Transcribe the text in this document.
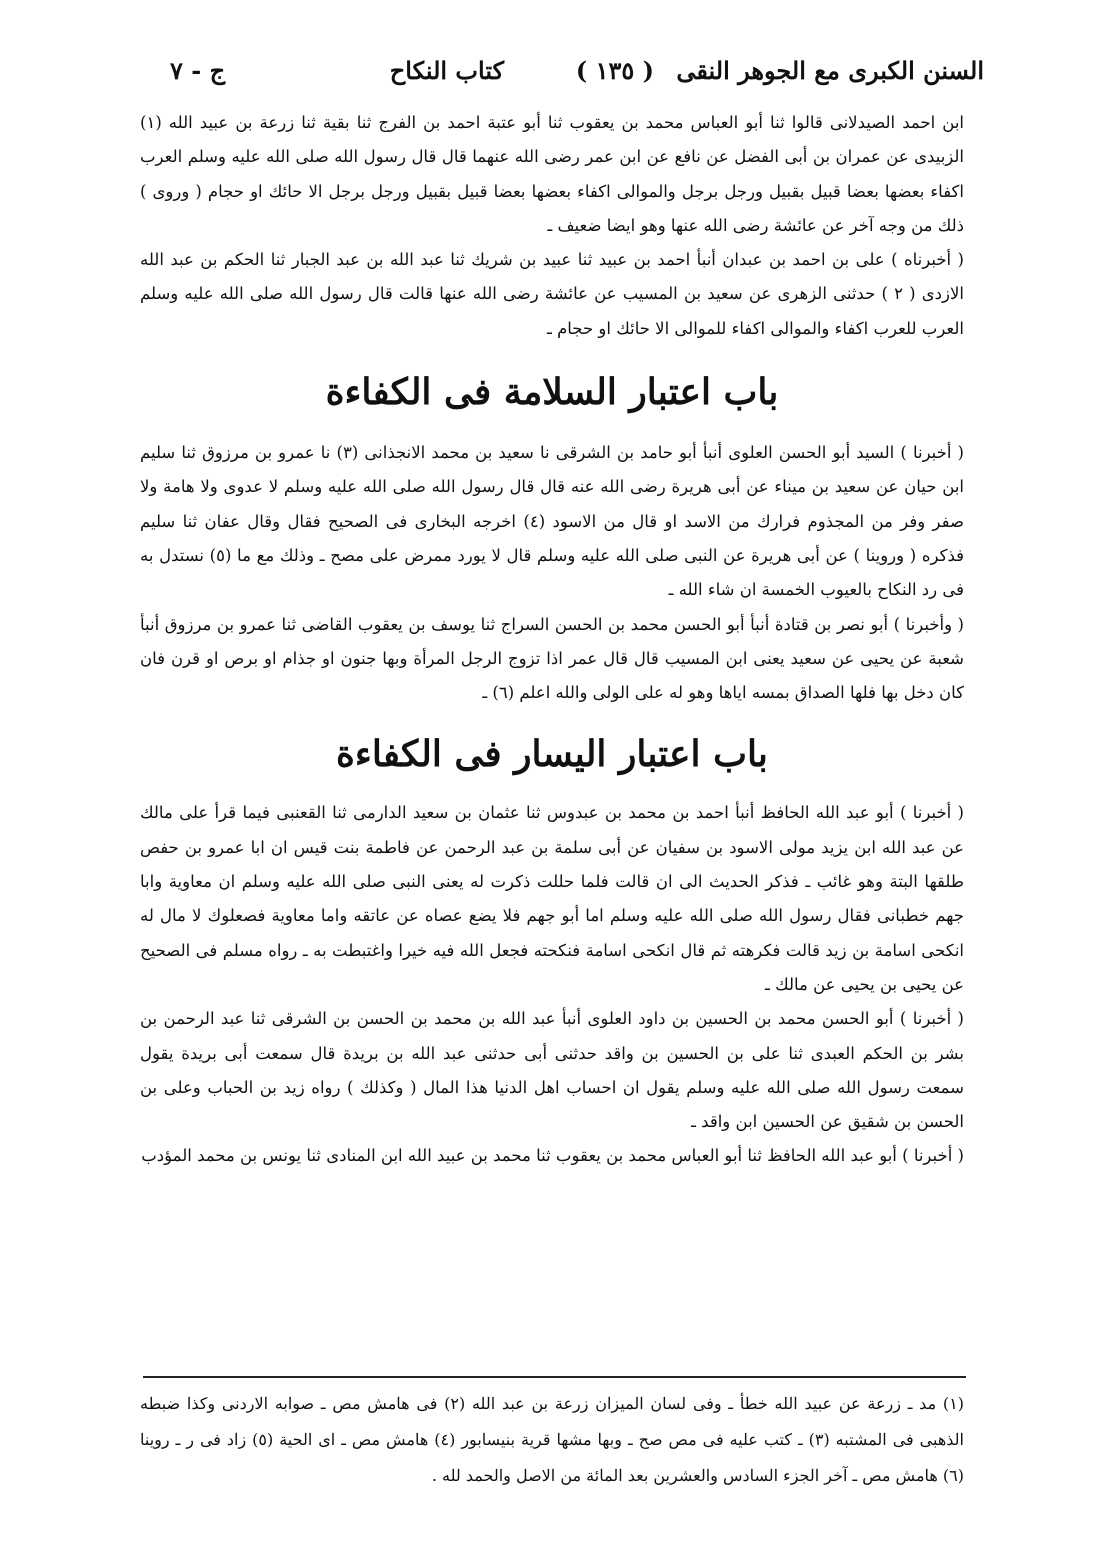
السنن الكبرى مع الجوهر النقى
( ١٣٥ )
كتاب النكاح
ج - ٧

ابن احمد الصيدلانى قالوا ثنا أبو العباس محمد بن يعقوب ثنا أبو عتبة احمد بن الفرج ثنا بقية ثنا زرعة بن عبيد الله (١) الزبيدى عن عمران بن أبى الفضل عن نافع عن ابن عمر رضى الله عنهما قال قال رسول الله صلى الله عليه وسلم العرب اكفاء بعضها بعضا قبيل بقبيل ورجل برجل والموالى اكفاء بعضها بعضا قبيل بقبيل ورجل برجل الا حائك او حجام ( وروى ) ذلك من وجه آخر عن عائشة رضى الله عنها وهو ايضا ضعيف ـ

( أخبرناه ) على بن احمد بن عبدان أنبأ احمد بن عبيد ثنا عبيد بن شريك ثنا عبد الله بن عبد الجبار ثنا الحكم بن عبد الله الازدى ( ٢ ) حدثنى الزهرى عن سعيد بن المسيب عن عائشة رضى الله عنها قالت قال رسول الله صلى الله عليه وسلم العرب للعرب اكفاء والموالى اكفاء للموالى الا حائك او حجام ـ

باب اعتبار السلامة فى الكفاءة

( أخبرنا ) السيد أبو الحسن العلوى أنبأ أبو حامد بن الشرقى نا سعيد بن محمد الانجذانى (٣) نا عمرو بن مرزوق ثنا سليم ابن حيان عن سعيد بن ميناء عن أبى هريرة رضى الله عنه قال قال رسول الله صلى الله عليه وسلم لا عدوى ولا هامة ولا صفر وفر من المجذوم فرارك من الاسد او قال من الاسود (٤) اخرجه البخارى فى الصحيح فقال وقال عفان ثنا سليم فذكره ( وروينا ) عن أبى هريرة عن النبى صلى الله عليه وسلم قال لا يورد ممرض على مصح ـ وذلك مع ما (٥) نستدل به فى رد النكاح بالعيوب الخمسة ان شاء الله ـ

( وأخبرنا ) أبو نصر بن قتادة أنبأ أبو الحسن محمد بن الحسن السراج ثنا يوسف بن يعقوب القاضى ثنا عمرو بن مرزوق أنبأ شعبة عن يحيى عن سعيد يعنى ابن المسيب قال قال عمر اذا تزوج الرجل المرأة وبها جنون او جذام او برص او قرن فان كان دخل بها فلها الصداق بمسه اياها وهو له على الولى والله اعلم (٦) ـ

باب اعتبار اليسار فى الكفاءة

( أخبرنا ) أبو عبد الله الحافظ أنبأ احمد بن محمد بن عبدوس ثنا عثمان بن سعيد الدارمى ثنا القعنبى فيما قرأ على مالك عن عبد الله ابن يزيد مولى الاسود بن سفيان عن أبى سلمة بن عبد الرحمن عن فاطمة بنت قيس ان ابا عمرو بن حفص طلقها البتة وهو غائب ـ فذكر الحديث الى ان قالت فلما حللت ذكرت له يعنى النبى صلى الله عليه وسلم ان معاوية وابا جهم خطبانى فقال رسول الله صلى الله عليه وسلم اما أبو جهم فلا يضع عصاه عن عاتقه واما معاوية فصعلوك لا مال له انكحى اسامة بن زيد قالت فكرهته ثم قال انكحى اسامة فنكحته فجعل الله فيه خيرا واغتبطت به ـ رواه مسلم فى الصحيح عن يحيى بن يحيى عن مالك ـ

( أخبرنا ) أبو الحسن محمد بن الحسين بن داود العلوى أنبأ عبد الله بن محمد بن الحسن بن الشرقى ثنا عبد الرحمن بن بشر بن الحكم العبدى ثنا على بن الحسين بن واقد حدثنى أبى حدثنى عبد الله بن بريدة قال سمعت أبى بريدة يقول سمعت رسول الله صلى الله عليه وسلم يقول ان احساب اهل الدنيا هذا المال ( وكذلك ) رواه زيد بن الحباب وعلى بن الحسن بن شقيق عن الحسين ابن واقد ـ

( أخبرنا ) أبو عبد الله الحافظ ثنا أبو العباس محمد بن يعقوب ثنا محمد بن عبيد الله ابن المنادى ثنا يونس بن محمد المؤدب

(١) مد ـ زرعة عن عبيد الله خطأ ـ وفى لسان الميزان زرعة بن عبد الله (٢) فى هامش مص ـ صوابه الاردنى وكذا ضبطه الذهبى فى المشتبه (٣) ـ كتب عليه فى مص صح ـ وبها مشها قرية بنيسابور (٤) هامش مص ـ اى الحية (٥) زاد فى ر ـ روينا (٦) هامش مص ـ آخر الجزء السادس والعشرين بعد المائة من الاصل والحمد لله .
